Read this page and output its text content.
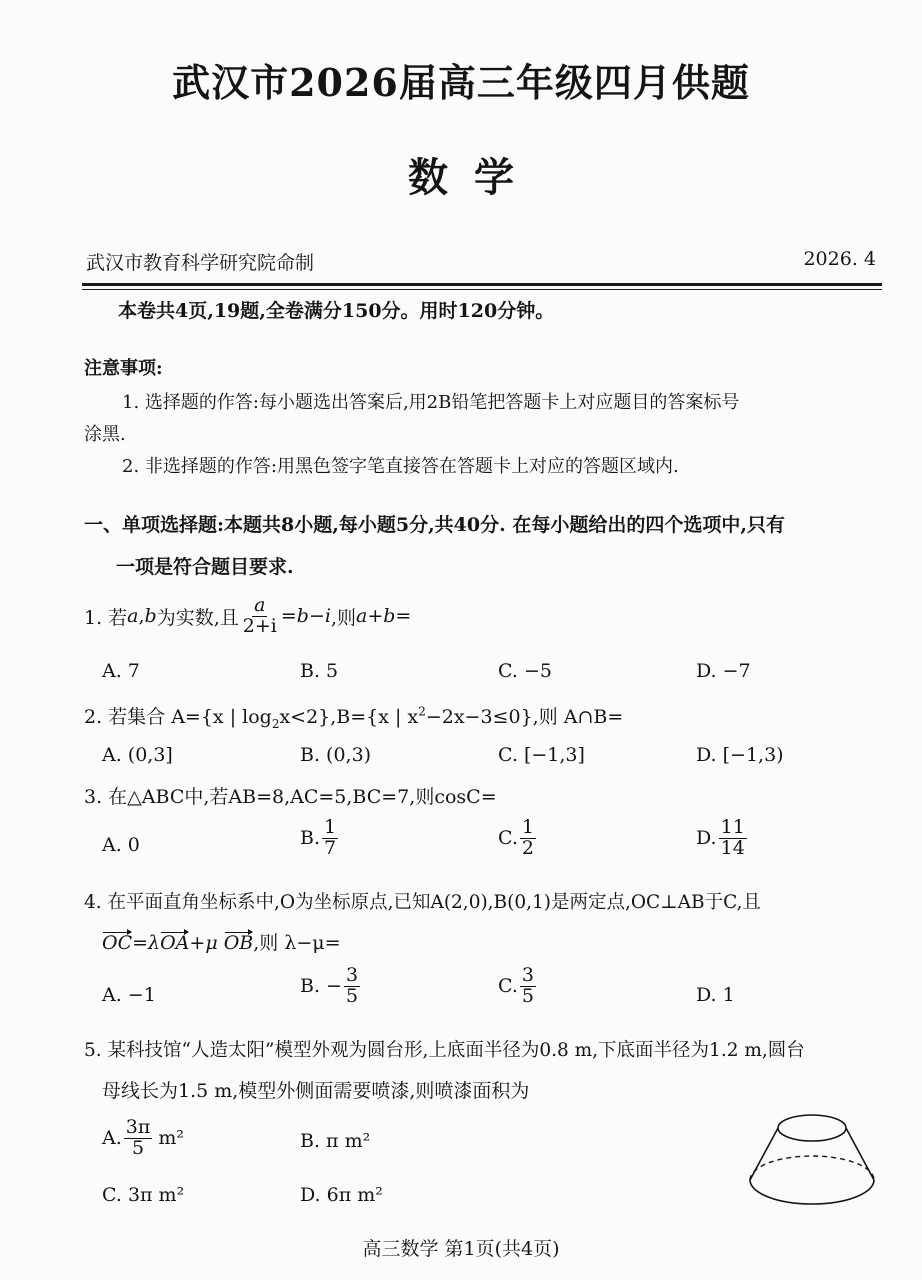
武汉市2026届高三年级四月供题
数学
武汉市教育科学研究院命制	2026. 4
本卷共4页,19题,全卷满分150分。用时120分钟。
注意事项:
1. 选择题的作答:每小题选出答案后,用2B铅笔把答题卡上对应题目的答案标号
涂黑.
2. 非选择题的作答:用黑色签字笔直接答在答题卡上对应的答题区域内.
一、单项选择题:本题共8小题,每小题5分,共40分. 在每小题给出的四个选项中,只有
一项是符合题目要求.
1. 若 a , b 为实数,且 $\frac{a}{2+i} = b-i$ ,则 a+b =
A. 7	B. 5	C. −5	D. −7
2. 若集合 A={x | $\log_2x<2\},B=\{x$ | $x^2-2x-3\le 0$},则 A∩B=
A. (0,3]	B. (0,3)	C. [−1,3]	D. [−1,3)
3. 在△ABC中,若AB=8,AC=5,BC=7,则cosC=
A. 0	B. $\frac{1}{7}$	C. $\frac{1}{2}$	D. $\frac{11}{14}$
4. 在平面直角坐标系中,O为坐标原点,已知A(2,0),B(0,1)是两定点,OC⊥AB于C,且
OC=λOA+μ OB,则 λ−μ=
A. −1	B. − $\frac{3}{5}$	C. $\frac{3}{5}$	D. 1
5. 某科技馆“人造太阳”模型外观为圆台形,上底面半径为0.8 m,下底面半径为1.2 m,圆台
母线长为1.5 m,模型外侧面需要喷漆,则喷漆面积为
A. $\frac{3\pi}{5} m^2$	B. π m²
C. 3π m²	D. 6π m²
高三数学 第1页(共4页)
